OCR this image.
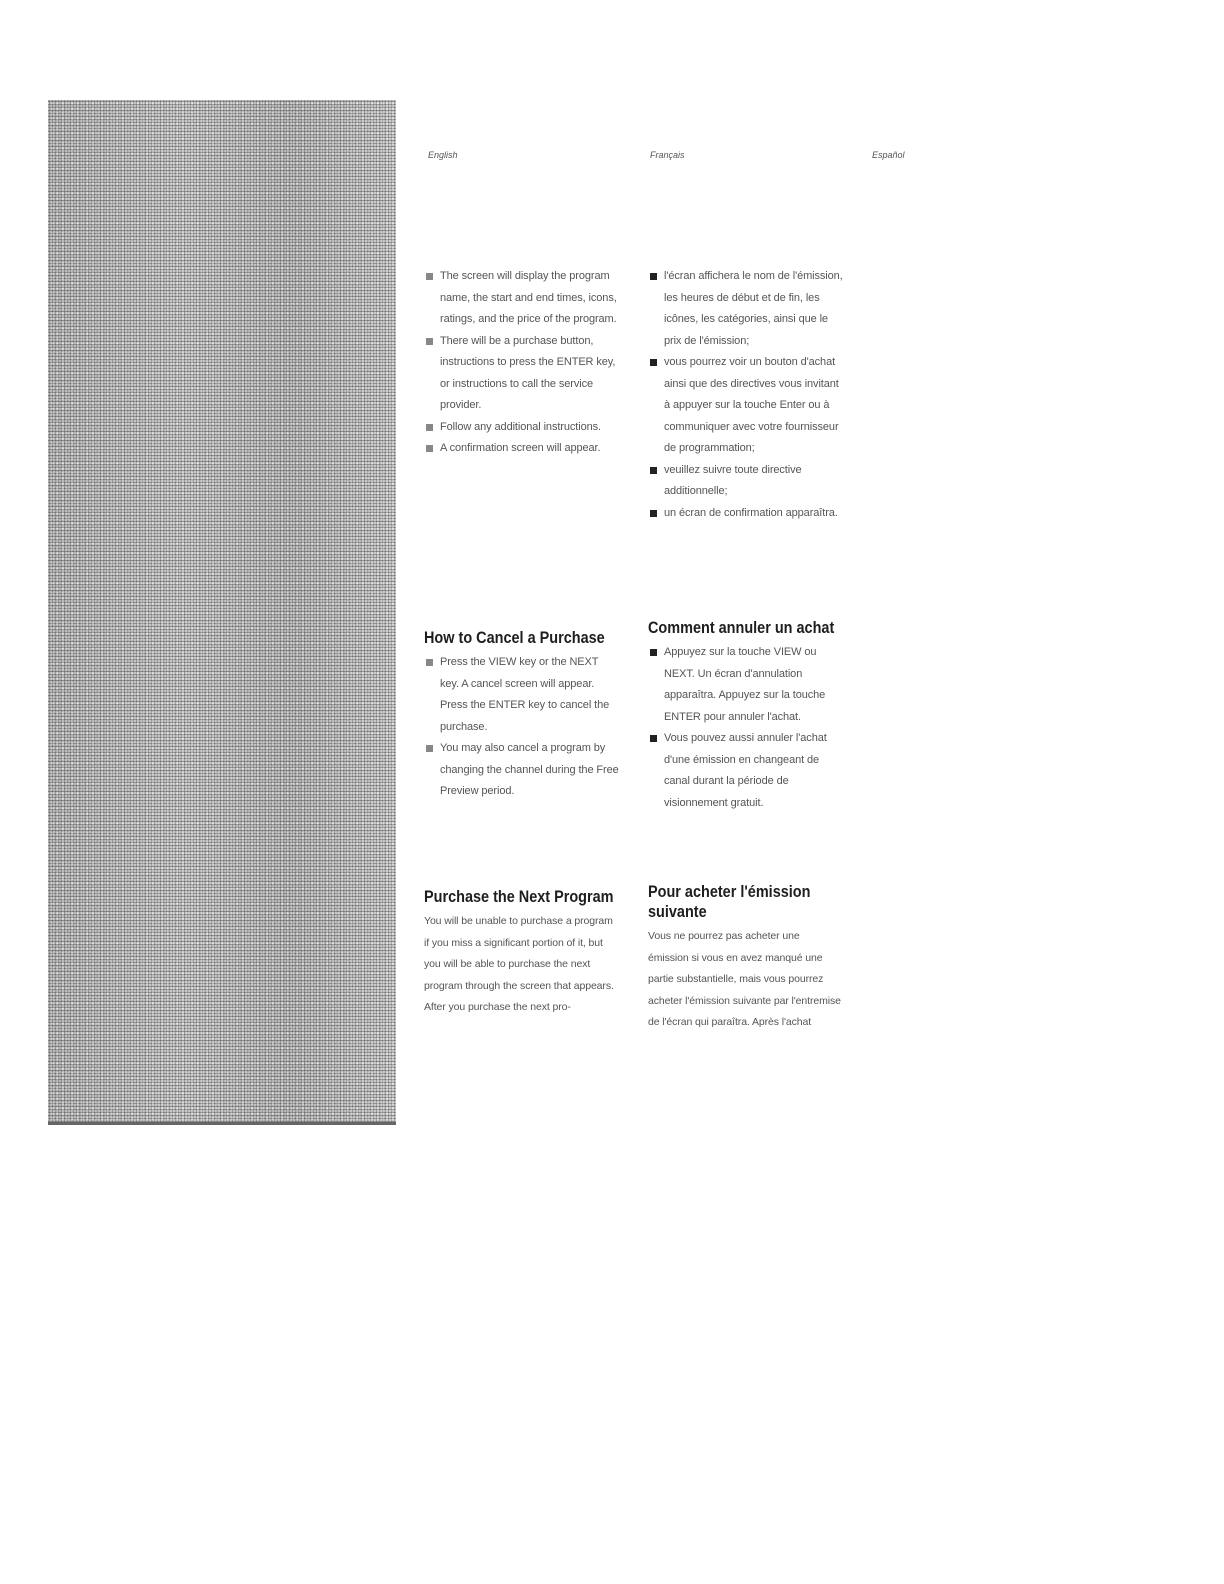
English	Français	Español
The screen will display the program name, the start and end times, icons, ratings, and the price of the program.
There will be a purchase button, instructions to press the ENTER key, or instructions to call the service provider.
Follow any additional instructions.
A confirmation screen will appear.
l'écran affichera le nom de l'émission, les heures de début et de fin, les icônes, les catégories, ainsi que le prix de l'émission;
vous pourrez voir un bouton d'achat ainsi que des directives vous invitant à appuyer sur la touche Enter ou à communiquer avec votre fournisseur de programmation;
veuillez suivre toute directive additionnelle;
un écran de confirmation apparaîtra.
How to Cancel a Purchase
Press the VIEW key or the NEXT key. A cancel screen will appear. Press the ENTER key to cancel the purchase.
You may also cancel a program by changing the channel during the Free Preview period.
Comment annuler un achat
Appuyez sur la touche VIEW ou NEXT. Un écran d'annulation apparaîtra. Appuyez sur la touche ENTER pour annuler l'achat.
Vous pouvez aussi annuler l'achat d'une émission en changeant de canal durant la période de visionnement gratuit.
Purchase the Next Program

You will be unable to purchase a program if you miss a significant portion of it, but you will be able to purchase the next program through the screen that appears. After you purchase the next pro-

Pour acheter l'émission suivante

Vous ne pourrez pas acheter une émission si vous en avez manqué une partie substantielle, mais vous pourrez acheter l'émission suivante par l'entremise de l'écran qui paraîtra. Après l'achat
